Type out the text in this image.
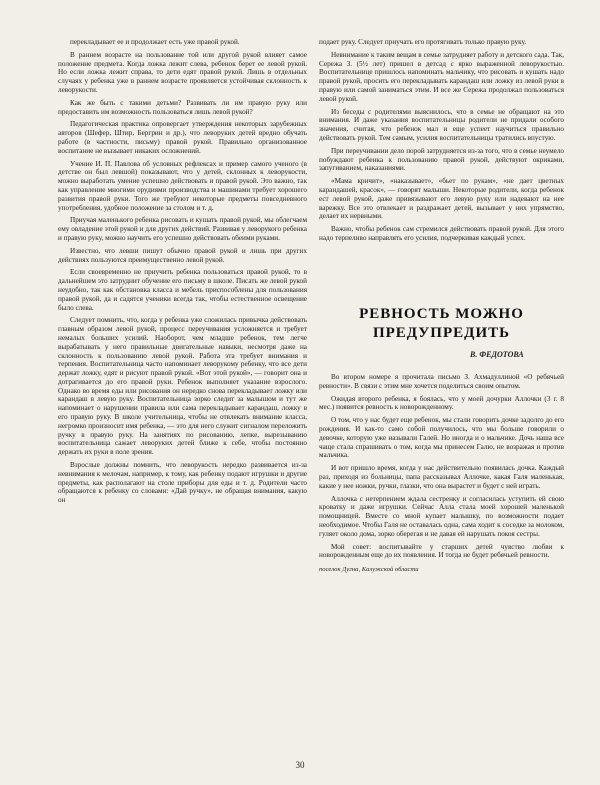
перекладывает ее и продолжает есть уже правой рукой.

В раннем возрасте на пользование той или другой рукой влияет самое положение предмета. Когда ложка лежит слева, ребенок берет ее левой рукой. Но если ложка лежит справа, то дети едят правой рукой. Лишь в отдельных случаях у ребенка уже в раннем возрасте проявляется устойчивая склонность к леворукости.

Как же быть с такими детьми? Развивать ли им правую руку или предоставить им возможность пользоваться лишь левой рукой?

Педагогическая практика опровергает утверждения некоторых зарубежных авторов (Шефер, Штир, Бергрин и др.), что леворуких детей вредно обучать работе (в частности, письму) правой рукой. Правильно организованное воспитание не вызывает никаких осложнений.

Учение И. П. Павлова об условных рефлексах и пример самого ученого (в детстве он был левшой) показывают, что у детей, склонных к леворукости, можно выработать умение успешно действовать и правой рукой. Это важно, так как управление многими орудиями производства и машинами требует хорошего развития правой руки. Того же требуют некоторые предметы повседневного употребления, удобное положение за столом и т. д.

Приучая маленького ребенка рисовать и кушать правой рукой, мы облегчаем ему овладение этой рукой и для других действий. Развивая у леворукого ребенка и правую руку, можно научить его успешно действовать обеими руками.

Известно, что левши пишут обычно правой рукой и лишь при других действиях пользуются преимущественно левой рукой.

Если своевременно не приучить ребенка пользоваться правой рукой, то в дальнейшем это затруднит обучение его письму в школе. Писать же левой рукой неудобно, так как обстановка класса и мебель приспособлены для пользования правой рукой, да и садятся ученики всегда так, чтобы естественное освещение было слева.

Следует помнить, что, когда у ребенка уже сложилась привычка действовать главным образом левой рукой, процесс переучивания усложняется и требует немалых больших усилий. Наоборот, чем младше ребенок, тем легче вырабатывать у него правильные двигательные навыки, несмотря даже на склонность к пользованию левой рукой. Работа эта требует внимания и терпения. Воспитательница часто напоминает леворукому ребенку, что все дети держат ложку, едят и рисуют правой рукой. «Вот этой рукой», — говорит она и дотрагивается до его правой руки. Ребенок выполняет указание взрослого. Однако во время еды или рисования он нередко снова перекладывает ложку или карандаш в левую руку. Воспитательница зорко следит за малышом и тут же напоминает о нарушении правила или сама перекладывает карандаш, ложку в его правую руку. В школе учительница, чтобы не отвлекать внимание класса, негромко произносит имя ребенка, — это для него служит сигналом переложить ручку в правую руку. На занятиях по рисованию, лепке, вырезыванию воспитательница сажает леворуких детей ближе к себе, чтобы постоянно держать их руки в поле зрения.

Взрослые должны помнить, что леворукость нередко развивается из-за невнимания к мелочам, например, к тому, как ребенку подают игрушки и другие предметы, как располагают на столе приборы для еды и т. д. Родители часто обращаются к ребенку со словами: «Дай ручку», не обращая внимания, какую он

подает руку. Следует приучать его протягивать только правую руку.

Невнимание к таким вещам в семье затрудняет работу и детского сада. Так, Сережа З. (5½ лет) пришел в детсад с ярко выраженной леворукостью. Воспитательнице пришлось напоминать мальчику, что рисовать и кушать надо правой рукой, просить его перекладывать карандаш или ложку из левой руки в правую или самой заниматься этим. И все же Сережа продолжал пользоваться левой рукой.

Из беседы с родителями выяснилось, что в семье не обращают на это внимания. И даже указания воспитательницы родители не придали особого значения, считая, что ребенок мал и еще успеет научиться правильно действовать рукой. Тем самым, усилия воспитательницы тратились впустую.

При переучивании дело порой затрудняется из-за того, что в семье неумело побуждают ребенка к пользованию правой рукой, действуют окриками, запугиванием, наказаниями.

«Мама кричит», «наказывает», «бьет по рукам», «не дает цветных карандашей, красок», — говорят малыши. Некоторые родители, когда ребенок ест левой рукой, даже привязывают его левую руку или надевают на нее варежку. Все это отвлекает и раздражает детей, вызывает у них упрямство, делает их нервными.

Важно, чтобы ребенок сам стремился действовать правой рукой. Для этого надо терпеливо направлять его усилия, подчеркивая каждый успех.

РЕВНОСТЬ МОЖНО ПРЕДУПРЕДИТЬ
В. ФЕДОТОВА

Во втором номере я прочитала письмо З. Ахмадуллиной «О ребячьей ревности». В связи с этим мне хочется поделиться своим опытом.

Ожидая второго ребенка, я боялась, что у моей дочурки Аллочки (3 г. 8 мес.) появится ревность к новорожденному.

О том, что у нас будет еще ребенок, мы стали говорить дочке задолго до его рождения. И как-то само собой получилось, что мы больше говорили о девочке, которую уже называли Галей. Но иногда и о мальчике. Дочь наша все чаще стала спрашивать о том, когда мы принесем Галю, не возражая и против мальчика.

И вот пришло время, когда у нас действительно появилась дочка. Каждый раз, приходя из больницы, папа рассказывал Аллочке, какая Галя маленькая, какие у нее ножки, ручки, глазки, что она вырастет и будет с ней играть.

Аллочка с нетерпением ждала сестренку и согласилась уступить ей свою кроватку и даже игрушки. Сейчас Алла стала моей хорошей маленькой помощницей. Вместе со мной купает малышку, по возможности подает необходимое. Чтобы Галя не оставалась одна, сама ходит к соседке за молоком, гуляет около дома, зорко оберегая и не давая ей нарушать покоя сестры.

Мой совет: воспитывайте у старших детей чувство любви к новорожденным еще до их появления. И тогда не будет ребячьей ревности.

поселок Дугна, Калужской области

30
